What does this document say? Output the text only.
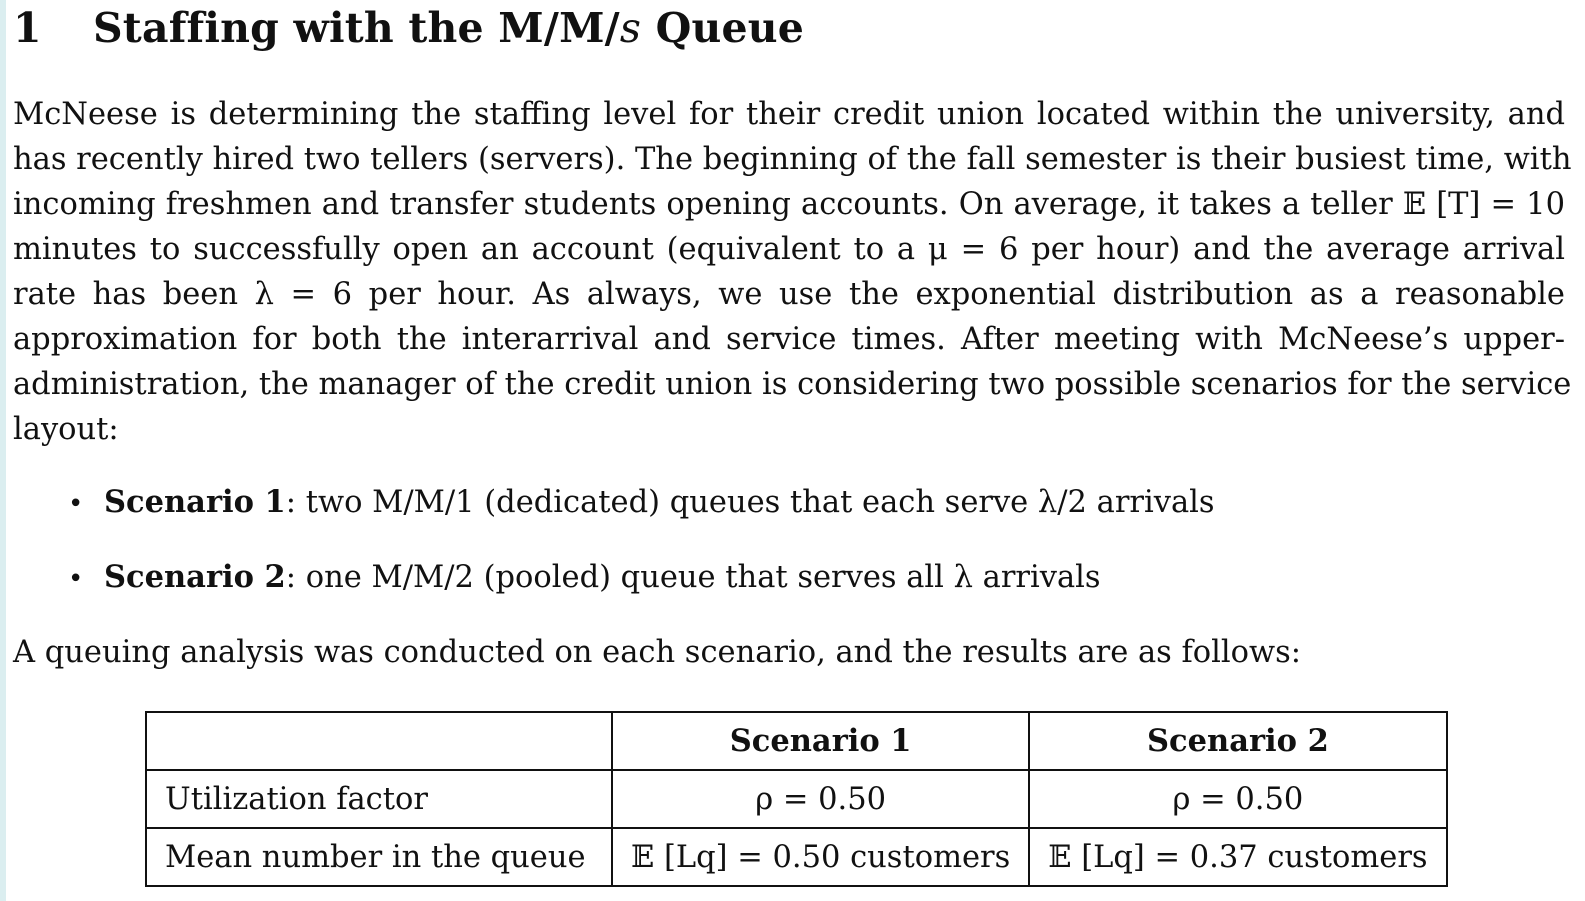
1 Staffing with the M/M/s Queue
McNeese is determining the staffing level for their credit union located within the university, and
has recently hired two tellers (servers). The beginning of the fall semester is their busiest time, with
incoming freshmen and transfer students opening accounts. On average, it takes a teller 𝔼 [T] = 10
minutes to successfully open an account (equivalent to a μ = 6 per hour) and the average arrival
rate has been λ = 6 per hour. As always, we use the exponential distribution as a reasonable
approximation for both the interarrival and service times. After meeting with McNeese’s upper-
administration, the manager of the credit union is considering two possible scenarios for the service
layout:
• Scenario 1: two M/M/1 (dedicated) queues that each serve λ/2 arrivals
• Scenario 2: one M/M/2 (pooled) queue that serves all λ arrivals
A queuing analysis was conducted on each scenario, and the results are as follows:
	Scenario 1	Scenario 2
Utilization factor	ρ = 0.50	ρ = 0.50
Mean number in the queue	𝔼 [Lq] = 0.50 customers	𝔼 [Lq] = 0.37 customers
